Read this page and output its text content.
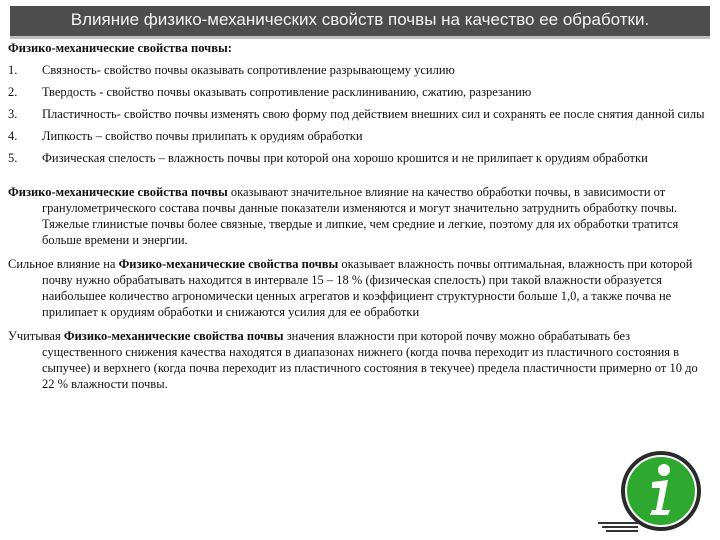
Влияние физико-механических свойств почвы на качество ее обработки.
Физико-механические свойства почвы:
1.	Связность- свойство почвы оказывать сопротивление разрывающему усилию
2.	Твердость - свойство почвы оказывать сопротивление расклиниванию, сжатию, разрезанию
3.	Пластичность- свойство почвы изменять свою форму под действием внешних сил и сохранять ее после снятия данной силы
4.	Липкость – свойство почвы прилипать к орудиям обработки
5.	Физическая спелость – влажность почвы при которой она хорошо крошится и не прилипает к орудиям обработки
Физико-механические свойства почвы оказывают значительное влияние на качество обработки почвы, в зависимости от гранулометрического состава почвы данные показатели изменяются и могут значительно затруднить обработку почвы. Тяжелые глинистые почвы более связные, твердые и липкие, чем средние и легкие, поэтому для их обработки тратится больше времени и энергии.
Сильное влияние на Физико-механические свойства почвы оказывает влажность почвы оптимальная, влажность при которой почву нужно обрабатывать находится в интервале 15 – 18 % (физическая спелость) при такой влажности образуется наибольшее количество агрономически ценных агрегатов и коэффициент структурности больше 1,0, а также почва не прилипает к орудиям обработки и снижаются усилия для ее обработки
Учитывая Физико-механические свойства почвы значения влажности при которой почву можно обрабатывать без существенного снижения качества находятся в диапазонах нижнего (когда почва переходит из пластичного состояния в сыпучее) и верхнего (когда почва переходит из пластичного состояния в текучее) предела пластичности примерно от 10 до 22 % влажности почвы.
